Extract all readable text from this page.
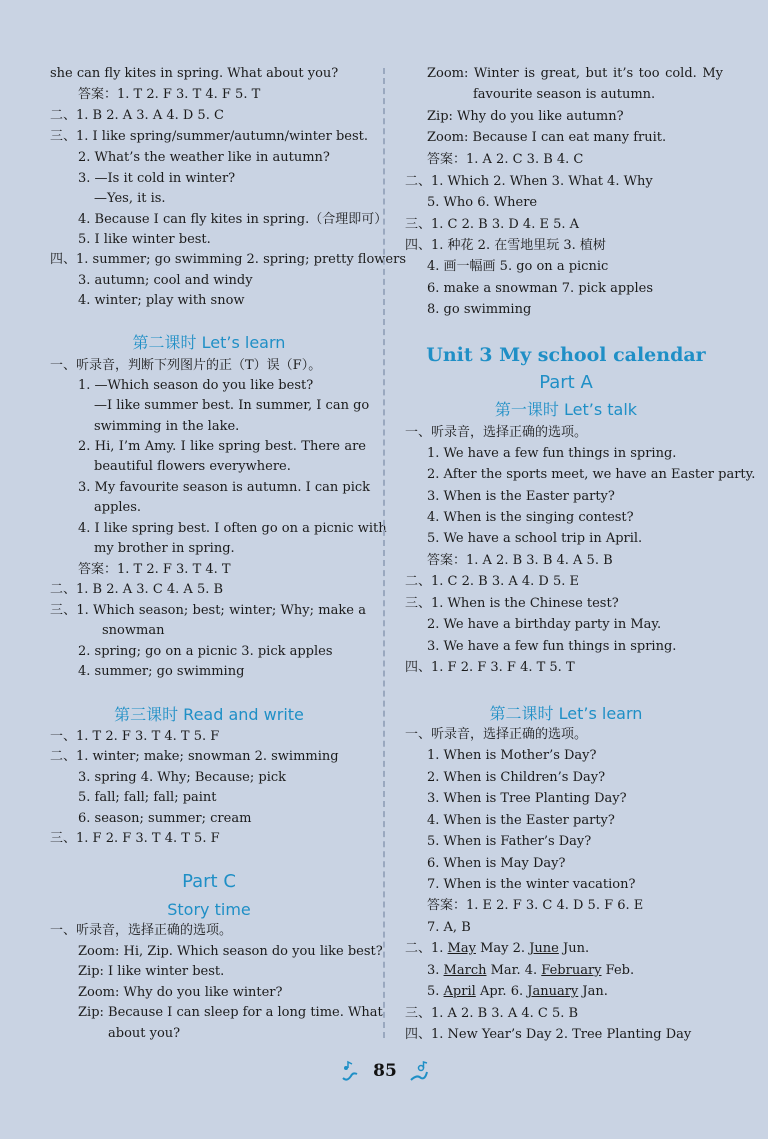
she can fly kites in spring. What about you?
答案：1. T 2. F 3. T 4. F 5. T
二、1. B 2. A 3. A 4. D 5. C
三、1. I like spring/summer/autumn/winter best.
2. What’s the weather like in autumn?
3. —Is it cold in winter?
—Yes, it is.
4. Because I can fly kites in spring.（合理即可）
5. I like winter best.
四、1. summer; go swimming 2. spring; pretty flowers
3. autumn; cool and windy
4. winter; play with snow
第二课时 Let’s learn
一、听录音，判断下列图片的正（T）误（F）。
1. —Which season do you like best?
—I like summer best. In summer, I can go
swimming in the lake.
2. Hi, I’m Amy. I like spring best. There are
beautiful flowers everywhere.
3. My favourite season is autumn. I can pick
apples.
4. I like spring best. I often go on a picnic with
my brother in spring.
答案：1. T 2. F 3. T 4. T
二、1. B 2. A 3. C 4. A 5. B
三、1. Which season; best; winter; Why; make a
snowman
2. spring; go on a picnic 3. pick apples
4. summer; go swimming
第三课时 Read and write
一、1. T 2. F 3. T 4. T 5. F
二、1. winter; make; snowman 2. swimming
3. spring 4. Why; Because; pick
5. fall; fall; fall; paint
6. season; summer; cream
三、1. F 2. F 3. T 4. T 5. F
Part C
Story time
一、听录音，选择正确的选项。
Zoom: Hi, Zip. Which season do you like best?
Zip: I like winter best.
Zoom: Why do you like winter?
Zip: Because I can sleep for a long time. What
about you?
Zoom: Winter is great, but it’s too cold. My
favourite season is autumn.
Zip: Why do you like autumn?
Zoom: Because I can eat many fruit.
答案：1. A 2. C 3. B 4. C
二、1. Which 2. When 3. What 4. Why
5. Who 6. Where
三、1. C 2. B 3. D 4. E 5. A
四、1. 种花 2. 在雪地里玩 3. 植树
4. 画一幅画 5. go on a picnic
6. make a snowman 7. pick apples
8. go swimming
Unit 3 My school calendar
Part A
第一课时 Let’s talk
一、听录音，选择正确的选项。
1. We have a few fun things in spring.
2. After the sports meet, we have an Easter party.
3. When is the Easter party?
4. When is the singing contest?
5. We have a school trip in April.
答案：1. A 2. B 3. B 4. A 5. B
二、1. C 2. B 3. A 4. D 5. E
三、1. When is the Chinese test?
2. We have a birthday party in May.
3. We have a few fun things in spring.
四、1. F 2. F 3. F 4. T 5. T
第二课时 Let’s learn
一、听录音，选择正确的选项。
1. When is Mother’s Day?
2. When is Children’s Day?
3. When is Tree Planting Day?
4. When is the Easter party?
5. When is Father’s Day?
6. When is May Day?
7. When is the winter vacation?
答案：1. E 2. F 3. C 4. D 5. F 6. E
7. A, B
二、1. May May 2. June Jun.
3. March Mar. 4. February Feb.
5. April Apr. 6. January Jan.
三、1. A 2. B 3. A 4. C 5. B
四、1. New Year’s Day 2. Tree Planting Day
85
